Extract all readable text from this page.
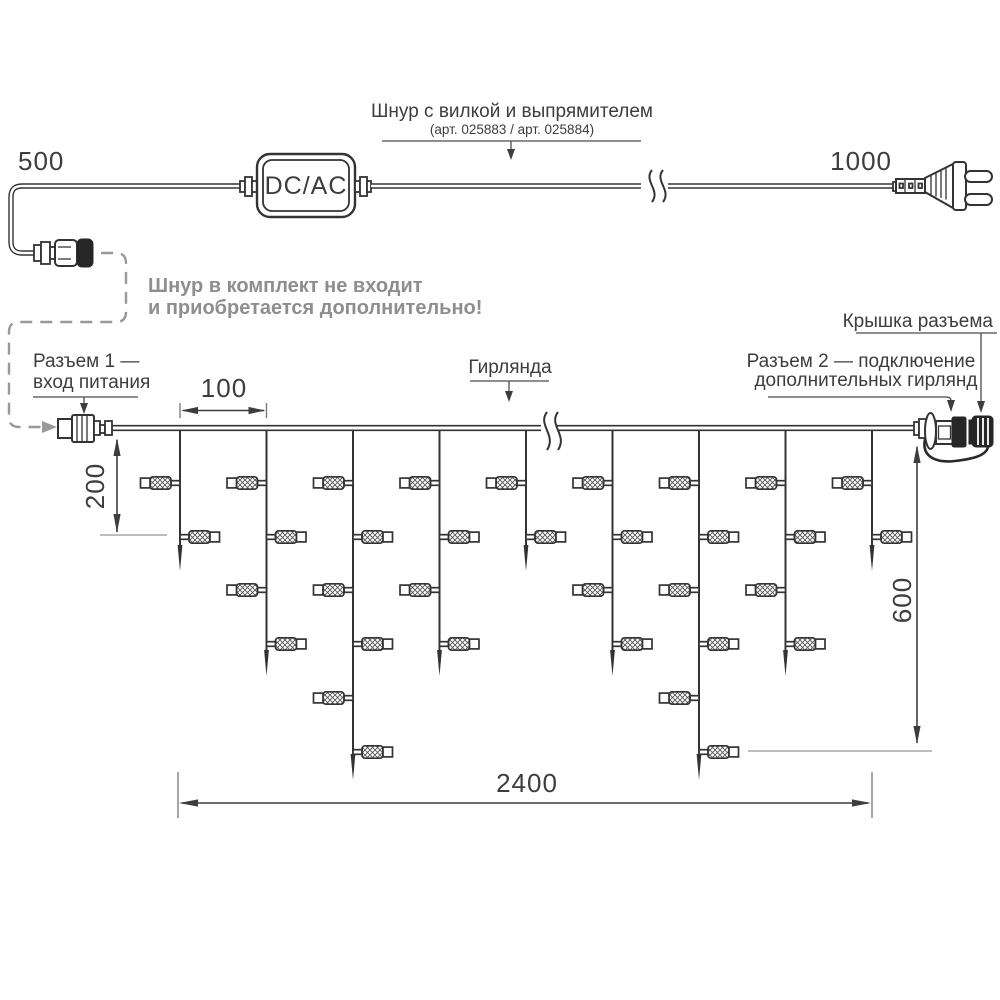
DC/AC
500	1000
Шнур с вилкой и выпрямителем
(арт. 025883 / арт. 025884)
Шнур в комплект не входит
и приобретается дополнительно!
Разъем 1 —
вход питания
Гирлянда
Крышка разъема
Разъем 2 — подключение
дополнительных гирлянд
100
200
600
2400
